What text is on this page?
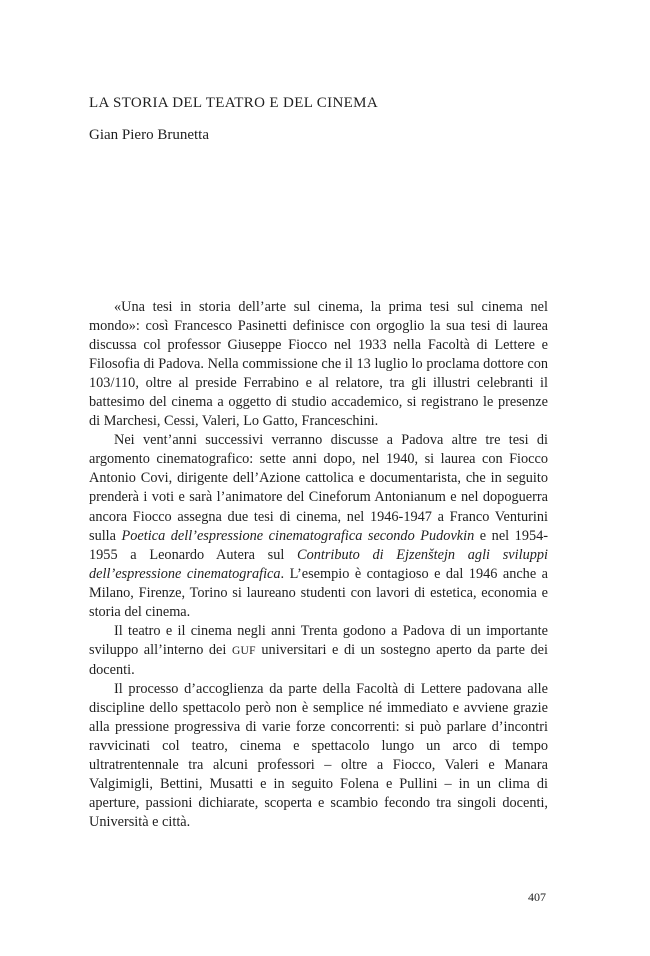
LA STORIA DEL TEATRO E DEL CINEMA

Gian Piero Brunetta

«Una tesi in storia dell’arte sul cinema, la prima tesi sul cinema nel mondo»: così Francesco Pasinetti definisce con orgoglio la sua tesi di laurea discussa col professor Giuseppe Fiocco nel 1933 nella Facoltà di Lettere e Filosofia di Padova. Nella commissione che il 13 luglio lo proclama dottore con 103/110, oltre al preside Ferrabino e al relatore, tra gli illustri celebranti il battesimo del cinema a oggetto di studio accademico, si registrano le presenze di Marchesi, Cessi, Valeri, Lo Gatto, Franceschini.

Nei vent’anni successivi verranno discusse a Padova altre tre tesi di argomento cinematografico: sette anni dopo, nel 1940, si laurea con Fiocco Antonio Covi, dirigente dell’Azione cattolica e documentarista, che in seguito prenderà i voti e sarà l’animatore del Cineforum Antonianum e nel dopoguerra ancora Fiocco assegna due tesi di cinema, nel 1946-1947 a Franco Venturini sulla Poetica dell’espressione cinematografica secondo Pudovkin e nel 1954-1955 a Leonardo Autera sul Contributo di Ejzenštejn agli sviluppi dell’espressione cinematografica. L’esempio è contagioso e dal 1946 anche a Milano, Firenze, Torino si laureano studenti con lavori di estetica, economia e storia del cinema.

Il teatro e il cinema negli anni Trenta godono a Padova di un importante sviluppo all’interno dei GUF universitari e di un sostegno aperto da parte dei docenti.

Il processo d’accoglienza da parte della Facoltà di Lettere padovana alle discipline dello spettacolo però non è semplice né immediato e avviene grazie alla pressione progressiva di varie forze concorrenti: si può parlare d’incontri ravvicinati col teatro, cinema e spettacolo lungo un arco di tempo ultratrentennale tra alcuni professori – oltre a Fiocco, Valeri e Manara Valgimigli, Bettini, Musatti e in seguito Folena e Pullini – in un clima di aperture, passioni dichiarate, scoperta e scambio fecondo tra singoli docenti, Università e città.

407
